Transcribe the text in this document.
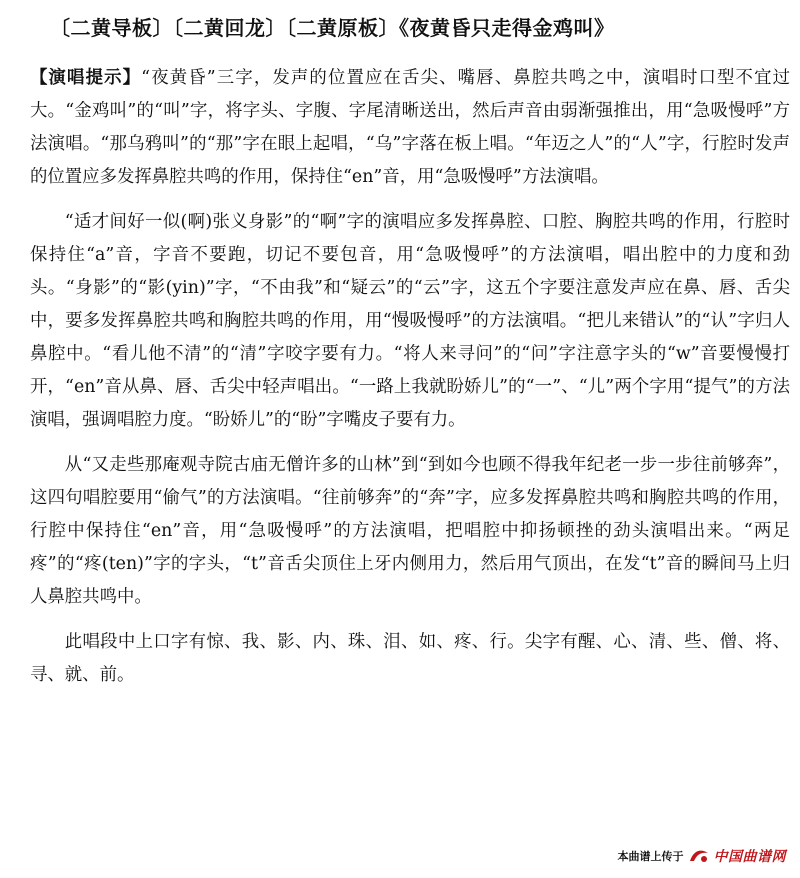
〔二黄导板〕〔二黄回龙〕〔二黄原板〕《夜黄昏只走得金鸡叫》

【演唱提示】“夜黄昏”三字，发声的位置应在舌尖、嘴唇、鼻腔共鸣之中，演唱时口型不宜过大。“金鸡叫”的“叫”字，将字头、字腹、字尾清晰送出，然后声音由弱渐强推出，用“急吸慢呼”方法演唱。“那乌鸦叫”的“那”字在眼上起唱，“乌”字落在板上唱。“年迈之人”的“人”字，行腔时发声的位置应多发挥鼻腔共鸣的作用，保持住“en”音，用“急吸慢呼”方法演唱。

“适才间好一似(啊)张义身影”的“啊”字的演唱应多发挥鼻腔、口腔、胸腔共鸣的作用，行腔时保持住“a”音，字音不要跑，切记不要包音，用“急吸慢呼”的方法演唱，唱出腔中的力度和劲头。“身影”的“影(yin)”字，“不由我”和“疑云”的“云”字，这五个字要注意发声应在鼻、唇、舌尖中，要多发挥鼻腔共鸣和胸腔共鸣的作用，用“慢吸慢呼”的方法演唱。“把儿来错认”的“认”字归人鼻腔中。“看儿他不清”的“清”字咬字要有力。“将人来寻问”的“问”字注意字头的“w”音要慢慢打开，“en”音从鼻、唇、舌尖中轻声唱出。“一路上我就盼娇儿”的“一”、“儿”两个字用“提气”的方法演唱，强调唱腔力度。“盼娇儿”的“盼”字嘴皮子要有力。

从“又走些那庵观寺院古庙无僧许多的山林”到“到如今也顾不得我年纪老一步一步往前够奔”，这四句唱腔要用“偷气”的方法演唱。“往前够奔”的“奔”字，应多发挥鼻腔共鸣和胸腔共鸣的作用，行腔中保持住“en”音，用“急吸慢呼”的方法演唱，把唱腔中抑扬顿挫的劲头演唱出来。“两足疼”的“疼(ten)”字的字头，“t”音舌尖顶住上牙内侧用力，然后用气顶出，在发“t”音的瞬间马上归人鼻腔共鸣中。

此唱段中上口字有惊、我、影、内、珠、泪、如、疼、行。尖字有醒、心、清、些、僧、将、寻、就、前。

本曲谱上传于 中国曲谱网
